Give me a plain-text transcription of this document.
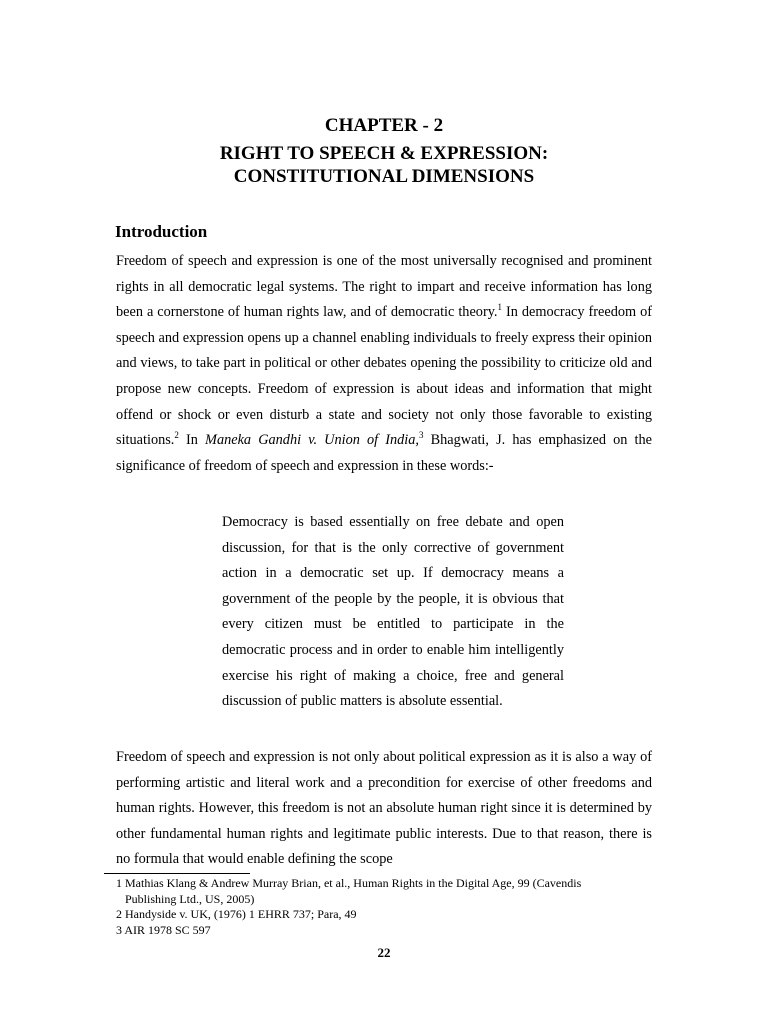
CHAPTER - 2
RIGHT TO SPEECH & EXPRESSION:
CONSTITUTIONAL DIMENSIONS
Introduction

Freedom of speech and expression is one of the most universally recognised and prominent rights in all democratic legal systems. The right to impart and receive information has long been a cornerstone of human rights law, and of democratic theory.$^1$ In democracy freedom of speech and expression opens up a channel enabling individuals to freely express their opinion and views, to take part in political or other debates opening the possibility to criticize old and propose new concepts. Freedom of expression is about ideas and information that might offend or shock or even disturb a state and society not only those favorable to existing situations.$^2$ In Maneka Gandhi v. Union of India,$^3$ Bhagwati, J. has emphasized on the significance of freedom of speech and expression in these words:-

Democracy is based essentially on free debate and open discussion, for that is the only corrective of government action in a democratic set up. If democracy means a government of the people by the people, it is obvious that every citizen must be entitled to participate in the democratic process and in order to enable him intelligently exercise his right of making a choice, free and general discussion of public matters is absolute essential.

Freedom of speech and expression is not only about political expression as it is also a way of performing artistic and literal work and a precondition for exercise of other freedoms and human rights. However, this freedom is not an absolute human right since it is determined by other fundamental human rights and legitimate public interests. Due to that reason, there is no formula that would enable defining the scope

1 Mathias Klang & Andrew Murray Brian, et al., Human Rights in the Digital Age, 99 (Cavendis

Publishing Ltd., US, 2005)

2 Handyside v. UK, (1976) 1 EHRR 737; Para, 49

3 AIR 1978 SC 597

22
